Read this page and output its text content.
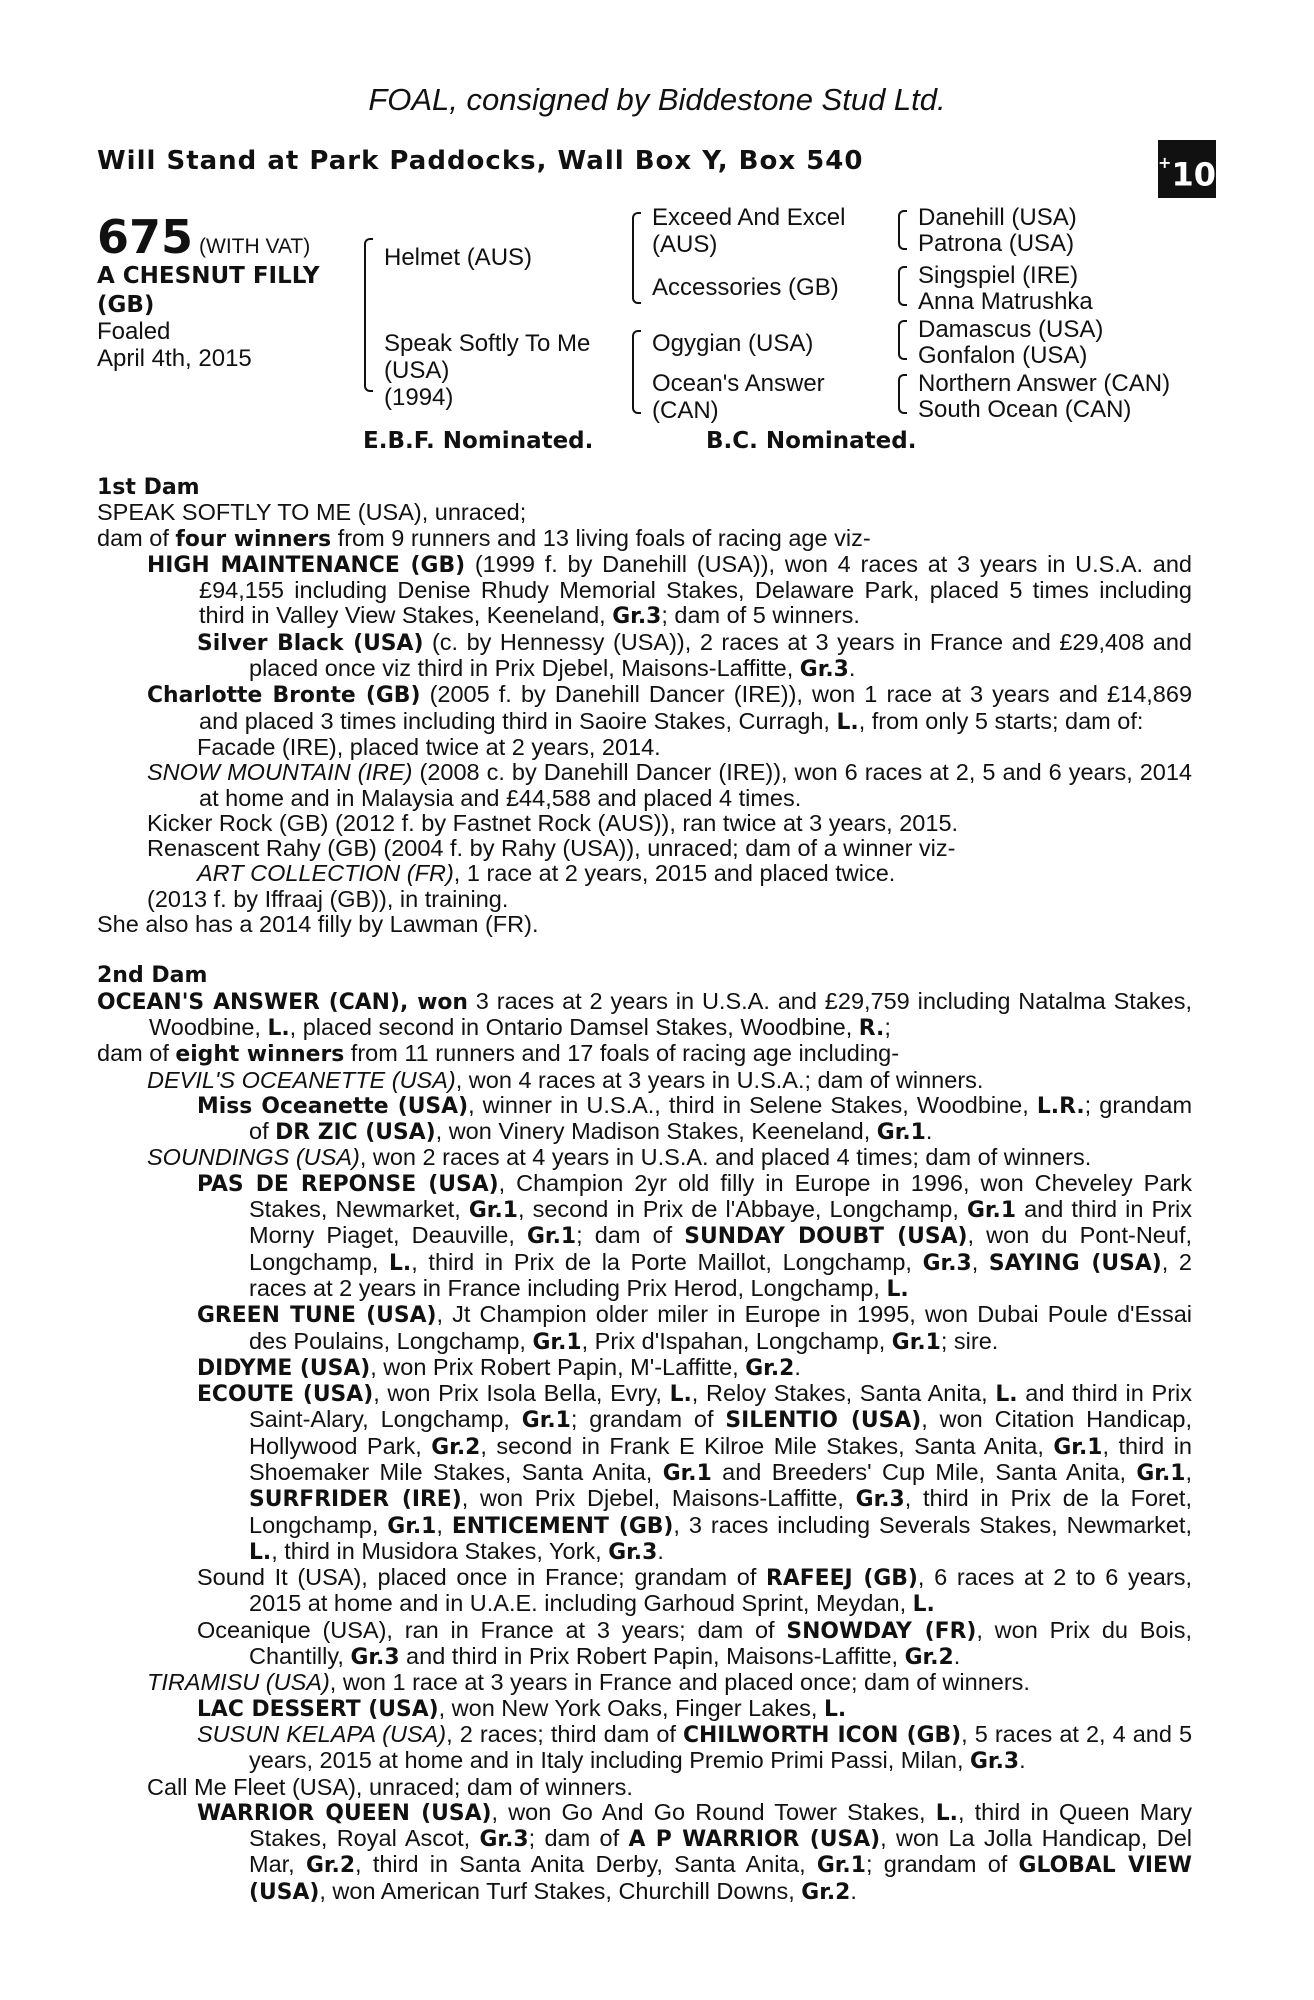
FOAL, consigned by Biddestone Stud Ltd.
Will Stand at Park Paddocks, Wall Box Y, Box 540	+10
675 (WITH VAT)
A CHESNUT FILLY
(GB)
Foaled
April 4th, 2015
Helmet (AUS)
Speak Softly To Me
(USA)
(1994)
Exceed And Excel
(AUS)
Accessories (GB)
Ogygian (USA)
Ocean's Answer
(CAN)
Danehill (USA)
Patrona (USA)
Singspiel (IRE)
Anna Matrushka
Damascus (USA)
Gonfalon (USA)
Northern Answer (CAN)
South Ocean (CAN)
E.B.F. Nominated.	B.C. Nominated.
1st Dam

SPEAK SOFTLY TO ME (USA), unraced;

dam of four winners from 9 runners and 13 living foals of racing age viz-

HIGH MAINTENANCE (GB) (1999 f. by Danehill (USA)), won 4 races at 3 years in U.S.A. and £94,155 including Denise Rhudy Memorial Stakes, Delaware Park, placed 5 times including third in Valley View Stakes, Keeneland, Gr.3; dam of 5 winners.

Silver Black (USA) (c. by Hennessy (USA)), 2 races at 3 years in France and £29,408 and placed once viz third in Prix Djebel, Maisons-Laffitte, Gr.3.

Charlotte Bronte (GB) (2005 f. by Danehill Dancer (IRE)), won 1 race at 3 years and £14,869 and placed 3 times including third in Saoire Stakes, Curragh, L., from only 5 starts; dam of:

Facade (IRE), placed twice at 2 years, 2014.

SNOW MOUNTAIN (IRE) (2008 c. by Danehill Dancer (IRE)), won 6 races at 2, 5 and 6 years, 2014 at home and in Malaysia and £44,588 and placed 4 times.

Kicker Rock (GB) (2012 f. by Fastnet Rock (AUS)), ran twice at 3 years, 2015.

Renascent Rahy (GB) (2004 f. by Rahy (USA)), unraced; dam of a winner viz-

ART COLLECTION (FR), 1 race at 2 years, 2015 and placed twice.

(2013 f. by Iffraaj (GB)), in training.

She also has a 2014 filly by Lawman (FR).

2nd Dam

OCEAN'S ANSWER (CAN), won 3 races at 2 years in U.S.A. and £29,759 including Natalma Stakes, Woodbine, L., placed second in Ontario Damsel Stakes, Woodbine, R.;

dam of eight winners from 11 runners and 17 foals of racing age including-

DEVIL'S OCEANETTE (USA), won 4 races at 3 years in U.S.A.; dam of winners.

Miss Oceanette (USA), winner in U.S.A., third in Selene Stakes, Woodbine, L.R.; grandam of DR ZIC (USA), won Vinery Madison Stakes, Keeneland, Gr.1.

SOUNDINGS (USA), won 2 races at 4 years in U.S.A. and placed 4 times; dam of winners.

PAS DE REPONSE (USA), Champion 2yr old filly in Europe in 1996, won Cheveley Park Stakes, Newmarket, Gr.1, second in Prix de l'Abbaye, Longchamp, Gr.1 and third in Prix Morny Piaget, Deauville, Gr.1; dam of SUNDAY DOUBT (USA), won du Pont-Neuf, Longchamp, L., third in Prix de la Porte Maillot, Longchamp, Gr.3, SAYING (USA), 2 races at 2 years in France including Prix Herod, Longchamp, L.

GREEN TUNE (USA), Jt Champion older miler in Europe in 1995, won Dubai Poule d'Essai des Poulains, Longchamp, Gr.1, Prix d'Ispahan, Longchamp, Gr.1; sire.

DIDYME (USA), won Prix Robert Papin, M'-Laffitte, Gr.2.

ECOUTE (USA), won Prix Isola Bella, Evry, L., Reloy Stakes, Santa Anita, L. and third in Prix Saint-Alary, Longchamp, Gr.1; grandam of SILENTIO (USA), won Citation Handicap, Hollywood Park, Gr.2, second in Frank E Kilroe Mile Stakes, Santa Anita, Gr.1, third in Shoemaker Mile Stakes, Santa Anita, Gr.1 and Breeders' Cup Mile, Santa Anita, Gr.1, SURFRIDER (IRE), won Prix Djebel, Maisons-Laffitte, Gr.3, third in Prix de la Foret, Longchamp, Gr.1, ENTICEMENT (GB), 3 races including Severals Stakes, Newmarket, L., third in Musidora Stakes, York, Gr.3.

Sound It (USA), placed once in France; grandam of RAFEEJ (GB), 6 races at 2 to 6 years, 2015 at home and in U.A.E. including Garhoud Sprint, Meydan, L.

Oceanique (USA), ran in France at 3 years; dam of SNOWDAY (FR), won Prix du Bois, Chantilly, Gr.3 and third in Prix Robert Papin, Maisons-Laffitte, Gr.2.

TIRAMISU (USA), won 1 race at 3 years in France and placed once; dam of winners.

LAC DESSERT (USA), won New York Oaks, Finger Lakes, L.

SUSUN KELAPA (USA), 2 races; third dam of CHILWORTH ICON (GB), 5 races at 2, 4 and 5 years, 2015 at home and in Italy including Premio Primi Passi, Milan, Gr.3.

Call Me Fleet (USA), unraced; dam of winners.

WARRIOR QUEEN (USA), won Go And Go Round Tower Stakes, L., third in Queen Mary Stakes, Royal Ascot, Gr.3; dam of A P WARRIOR (USA), won La Jolla Handicap, Del Mar, Gr.2, third in Santa Anita Derby, Santa Anita, Gr.1; grandam of GLOBAL VIEW (USA), won American Turf Stakes, Churchill Downs, Gr.2.
